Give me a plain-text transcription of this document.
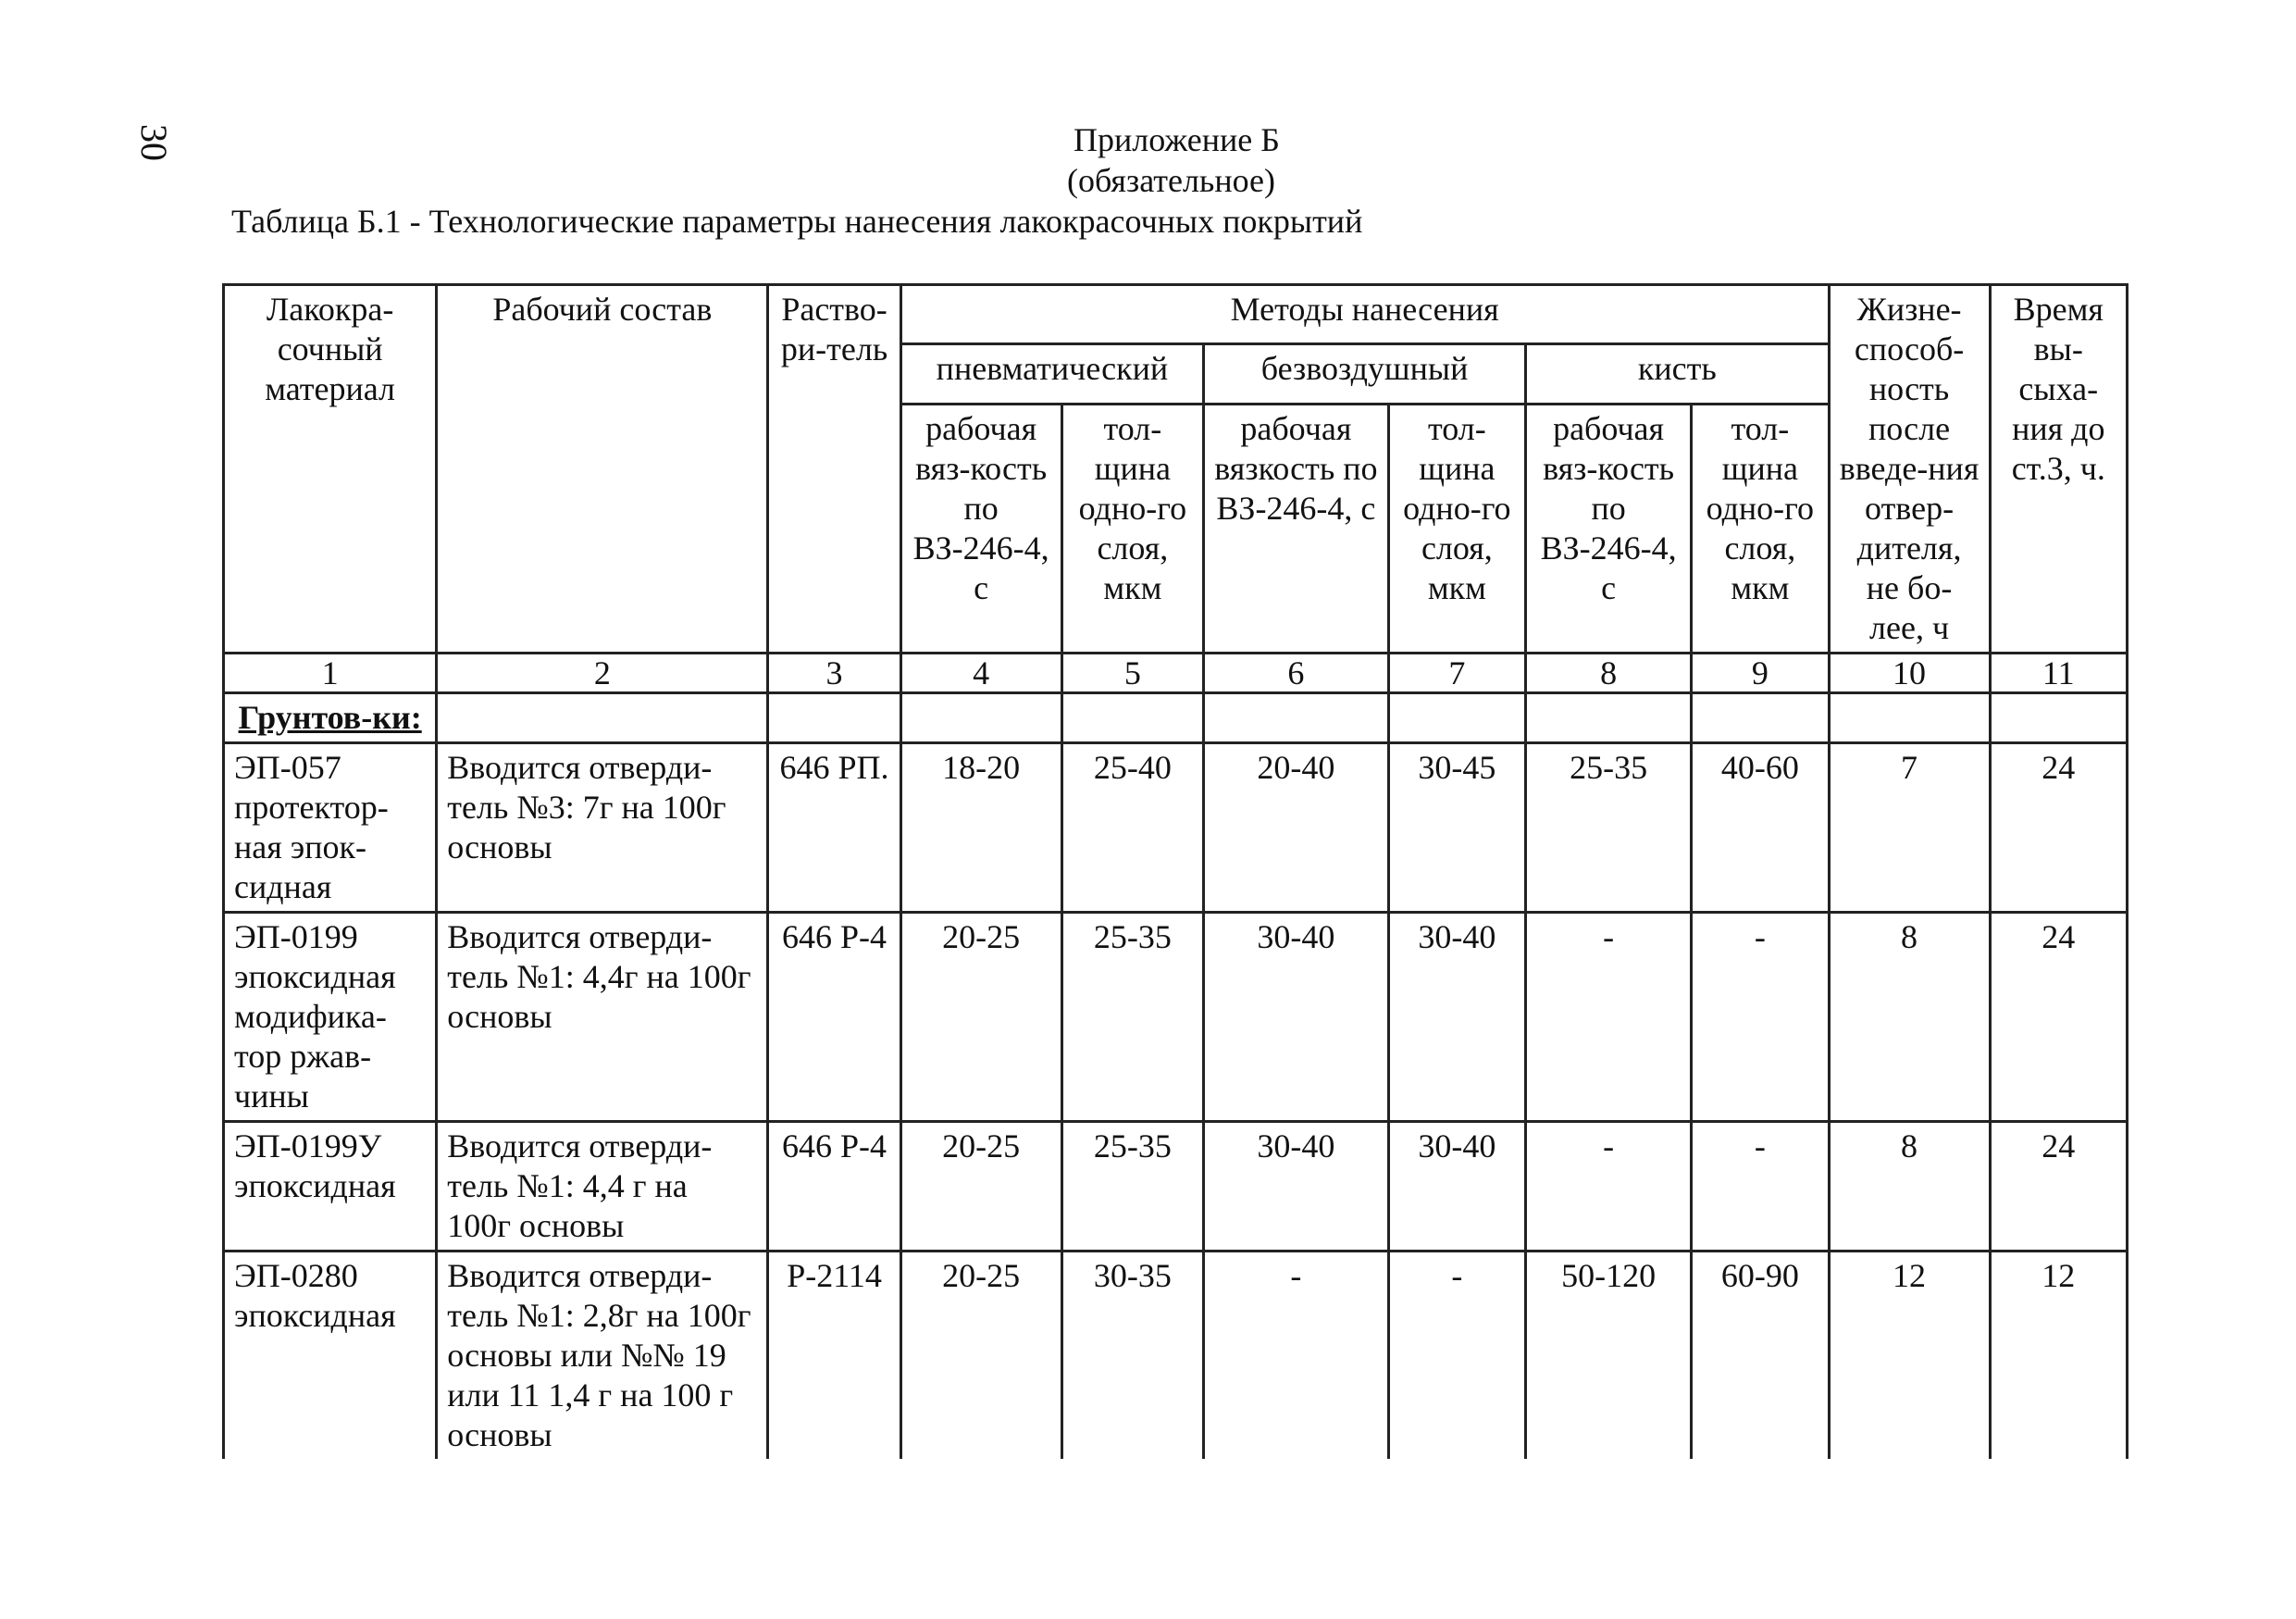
30	Приложение Б
(обязательное)
Таблица Б.1 - Технологические параметры нанесения лакокрасочных покрытий
Лакокра-сочный материал	Рабочий состав	Раство-ри-тель	Методы нанесения						Жизне-способ-ность после введе-ния отвер-дителя, не бо-лее, ч	Время вы-сыха-ния до ст.3, ч.
			пневматический		безвоздушный		кисть			
			рабочая вяз-кость по ВЗ-246-4, с	тол-щина одно-го слоя, мкм	рабочая вязкость по ВЗ-246-4, с	тол-щина одно-го слоя, мкм	рабочая вяз-кость по ВЗ-246-4, с	тол-щина одно-го слоя, мкм		
1	2	3	4	5	6	7	8	9	10	11
Грунтов-ки:										
ЭП-057 протектор-ная эпок-сидная	Вводится отверди-тель №3: 7г на 100г основы	646 РП.	18-20	25-40	20-40	30-45	25-35	40-60	7	24
ЭП-0199 эпоксидная модифика-тор ржав-чины	Вводится отверди-тель №1: 4,4г на 100г основы	646 Р-4	20-25	25-35	30-40	30-40	-	-	8	24
ЭП-0199У эпоксидная	Вводится отверди-тель №1: 4,4 г на 100г основы	646 Р-4	20-25	25-35	30-40	30-40	-	-	8	24
ЭП-0280 эпоксидная	Вводится отверди-тель №1: 2,8г на 100г основы или №№ 19 или 11 1,4 г на 100 г основы	Р-2114	20-25	30-35	-	-	50-120	60-90	12	12
